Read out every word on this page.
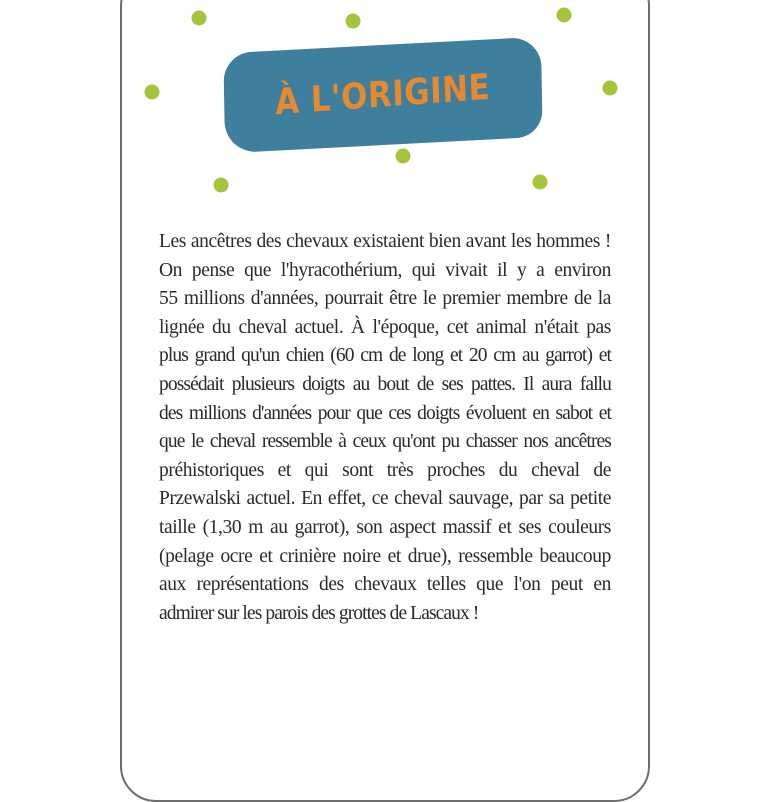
À L'ORIGINE
Les ancêtres des chevaux existaient bien avant les hommes !
On pense que l'hyracothérium, qui vivait il y a environ
55 millions d'années, pourrait être le premier membre de la
lignée du cheval actuel. À l'époque, cet animal n'était pas
plus grand qu'un chien (60 cm de long et 20 cm au garrot) et
possédait plusieurs doigts au bout de ses pattes. Il aura fallu
des millions d'années pour que ces doigts évoluent en sabot et
que le cheval ressemble à ceux qu'ont pu chasser nos ancêtres
préhistoriques et qui sont très proches du cheval de
Przewalski actuel. En effet, ce cheval sauvage, par sa petite
taille (1,30 m au garrot), son aspect massif et ses couleurs
(pelage ocre et crinière noire et drue), ressemble beaucoup
aux représentations des chevaux telles que l'on peut en
admirer sur les parois des grottes de Lascaux !
